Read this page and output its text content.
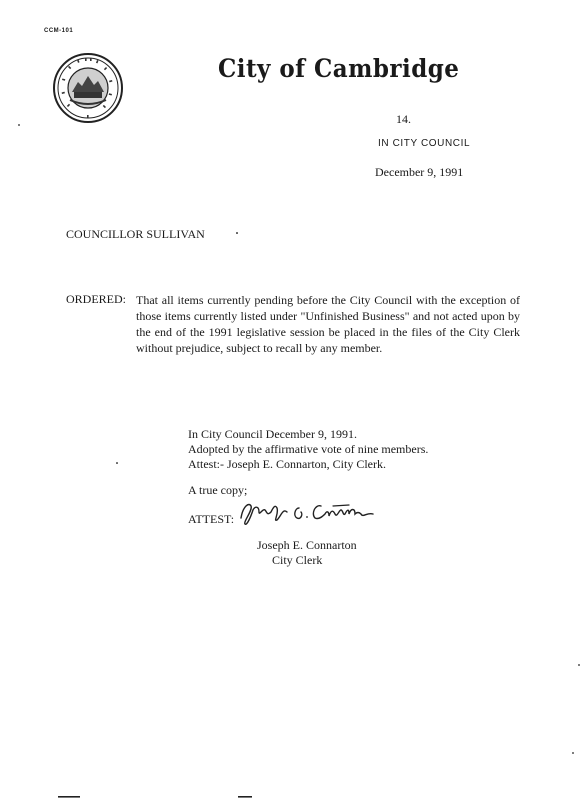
CCM-101
City of Cambridge
14.
IN CITY COUNCIL
December 9, 1991
COUNCILLOR SULLIVAN
ORDERED: That all items currently pending before the City Council with the exception of those items currently listed under "Unfinished Business" and not acted upon by the end of the 1991 legislative session be placed in the files of the City Clerk without prejudice, subject to recall by any member.
In City Council December 9, 1991.
Adopted by the affirmative vote of nine members.
Attest:- Joseph E. Connarton, City Clerk.
A true copy;
ATTEST:
Joseph E. Connarton
City Clerk
